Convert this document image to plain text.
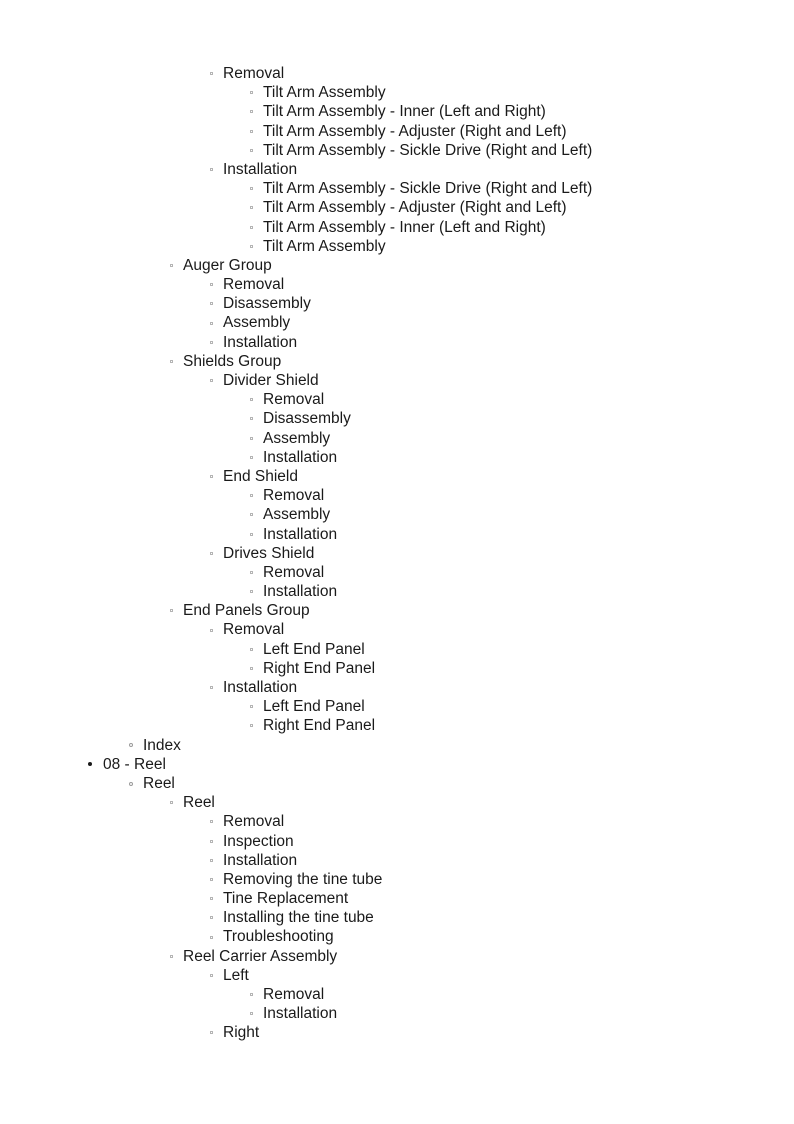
Removal
Tilt Arm Assembly
Tilt Arm Assembly - Inner (Left and Right)
Tilt Arm Assembly - Adjuster (Right and Left)
Tilt Arm Assembly - Sickle Drive (Right and Left)
Installation
Tilt Arm Assembly - Sickle Drive (Right and Left)
Tilt Arm Assembly - Adjuster (Right and Left)
Tilt Arm Assembly - Inner (Left and Right)
Tilt Arm Assembly
Auger Group
Removal
Disassembly
Assembly
Installation
Shields Group
Divider Shield
Removal
Disassembly
Assembly
Installation
End Shield
Removal
Assembly
Installation
Drives Shield
Removal
Installation
End Panels Group
Removal
Left End Panel
Right End Panel
Installation
Left End Panel
Right End Panel
Index
08 - Reel
Reel
Reel
Removal
Inspection
Installation
Removing the tine tube
Tine Replacement
Installing the tine tube
Troubleshooting
Reel Carrier Assembly
Left
Removal
Installation
Right
